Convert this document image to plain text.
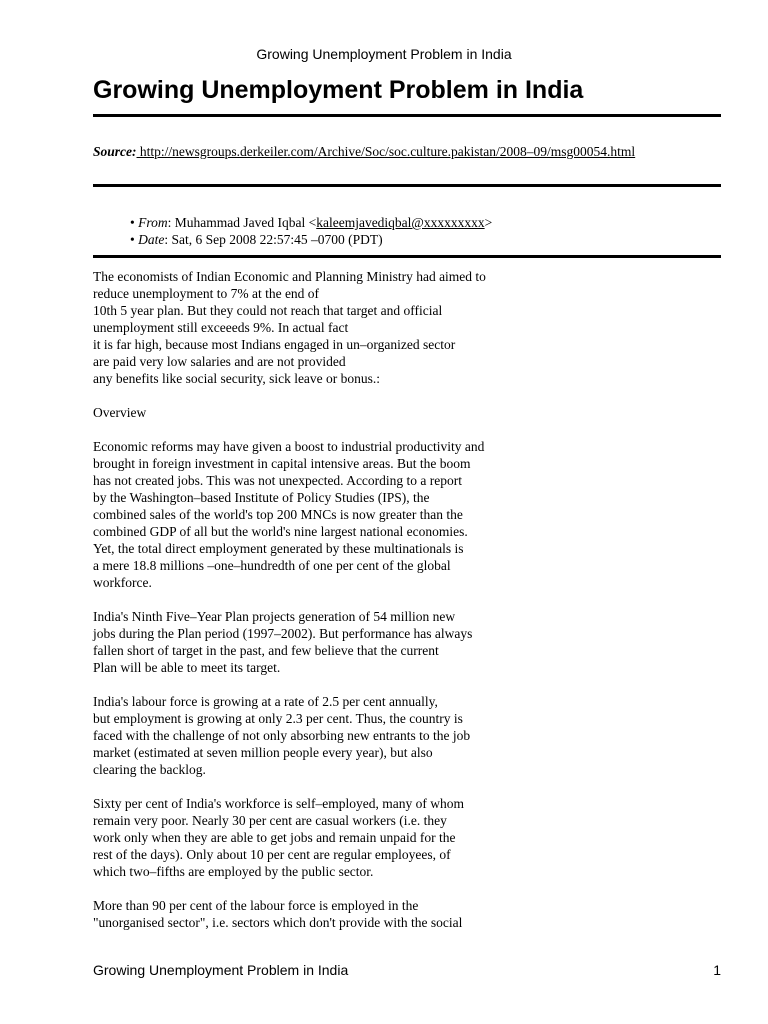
Growing Unemployment Problem in India
Growing Unemployment Problem in India
Source: http://newsgroups.derkeiler.com/Archive/Soc/soc.culture.pakistan/2008–09/msg00054.html
• From: Muhammad Javed Iqbal <kaleemjavediqbal@xxxxxxxxx>
• Date: Sat, 6 Sep 2008 22:57:45 –0700 (PDT)
The economists of Indian Economic and Planning Ministry had aimed to
reduce unemployment to 7% at the end of
10th 5 year plan. But they could not reach that target and official
unemployment still exceeeds 9%. In actual fact
it is far high, because most Indians engaged in un–organized sector
are paid very low salaries and are not provided
any benefits like social security, sick leave or bonus.:
Overview
Economic reforms may have given a boost to industrial productivity and
brought in foreign investment in capital intensive areas. But the boom
has not created jobs. This was not unexpected. According to a report
by the Washington–based Institute of Policy Studies (IPS), the
combined sales of the world's top 200 MNCs is now greater than the
combined GDP of all but the world's nine largest national economies.
Yet, the total direct employment generated by these multinationals is
a mere 18.8 millions –one–hundredth of one per cent of the global
workforce.
India's Ninth Five–Year Plan projects generation of 54 million new
jobs during the Plan period (1997–2002). But performance has always
fallen short of target in the past, and few believe that the current
Plan will be able to meet its target.
India's labour force is growing at a rate of 2.5 per cent annually,
but employment is growing at only 2.3 per cent. Thus, the country is
faced with the challenge of not only absorbing new entrants to the job
market (estimated at seven million people every year), but also
clearing the backlog.
Sixty per cent of India's workforce is self–employed, many of whom
remain very poor. Nearly 30 per cent are casual workers (i.e. they
work only when they are able to get jobs and remain unpaid for the
rest of the days). Only about 10 per cent are regular employees, of
which two–fifths are employed by the public sector.
More than 90 per cent of the labour force is employed in the
"unorganised sector", i.e. sectors which don't provide with the social
Growing Unemployment Problem in India	1
